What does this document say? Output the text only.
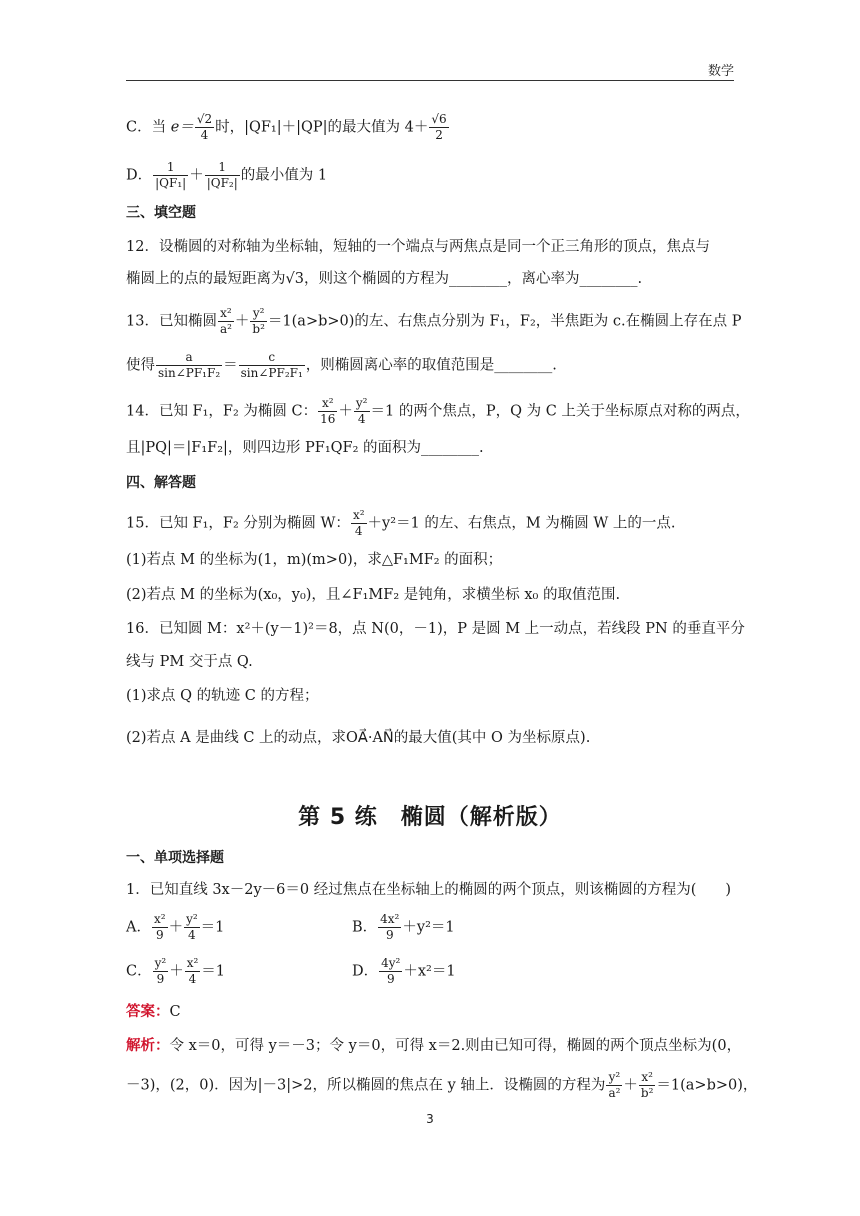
数学
C．当 $e= \frac{√2}{4}$ 时，|QF₁|＋|QP|的最大值为 $4+ \frac{√6}{2}$
D． $\frac{1}{\text{|QF₁|}} + \frac{1}{\text{|QF₂|}}$ 的最小值为 1
三、填空题
12．设椭圆的对称轴为坐标轴，短轴的一个端点与两焦点是同一个正三角形的顶点，焦点与
椭圆上的点的最短距离为√3，则这个椭圆的方程为________，离心率为________.
13．已知椭圆 $\frac{\text{x²}}{\text{a²}} + \frac{\text{y²}}{\text{b²}} =1(a>b>0)$的左、右焦点分别为 F₁，F₂，半焦距为 c.在椭圆上存在点 P
使得 $\frac{a}{\text{sin∠PF₁F₂}} = \frac{c}{\text{sin∠PF₂F₁}}$ ，则椭圆离心率的取值范围是________.
14．已知 F₁，F₂ 为椭圆 C： $\frac{\text{x²}}{16} + \frac{\text{y²}}{4} =1$ 的两个焦点，P，Q 为 C 上关于坐标原点对称的两点，
且|PQ|＝|F₁F₂|，则四边形 PF₁QF₂ 的面积为________.
四、解答题
15．已知 F₁，F₂ 分别为椭圆 W： $\frac{\text{x²}}{4} +y^2=1$ 的左、右焦点，M 为椭圆 W 上的一点.
(1)若点 M 的坐标为(1，m)(m>0)，求△F₁MF₂ 的面积；
(2)若点 M 的坐标为(x₀，y₀)，且∠F₁MF₂ 是钝角，求横坐标 x₀ 的取值范围.
16．已知圆 M：x²＋(y－1)²＝8，点 N(0，－1)，P 是圆 M 上一动点，若线段 PN 的垂直平分
线与 PM 交于点 Q.
(1)求点 Q 的轨迹 C 的方程；
(2)若点 A 是曲线 C 上的动点，求OA⃗·AN⃗的最大值(其中 O 为坐标原点).
第 5 练　椭圆（解析版）
一、单项选择题
1．已知直线 3x－2y－6＝0 经过焦点在坐标轴上的椭圆的两个顶点，则该椭圆的方程为(　　)
A． $\frac{\text{x²}}{9} + \frac{\text{y²}}{4} =1$	B． $\frac{\text{4x²}}{9} +y^2=1$
C． $\frac{\text{y²}}{9} + \frac{\text{x²}}{4} =1$	D． $\frac{\text{4y²}}{9} +x^2=1$
答案：C
解析：令 x＝0，可得 y＝－3；令 y＝0，可得 x＝2.则由已知可得，椭圆的两个顶点坐标为(0，
－3)，(2，0)．因为|－3|>2，所以椭圆的焦点在 y 轴上．设椭圆的方程为 $\frac{\text{y²}}{\text{a²}} + \frac{\text{x²}}{\text{b²}} =1(a>b>0)$，
3
